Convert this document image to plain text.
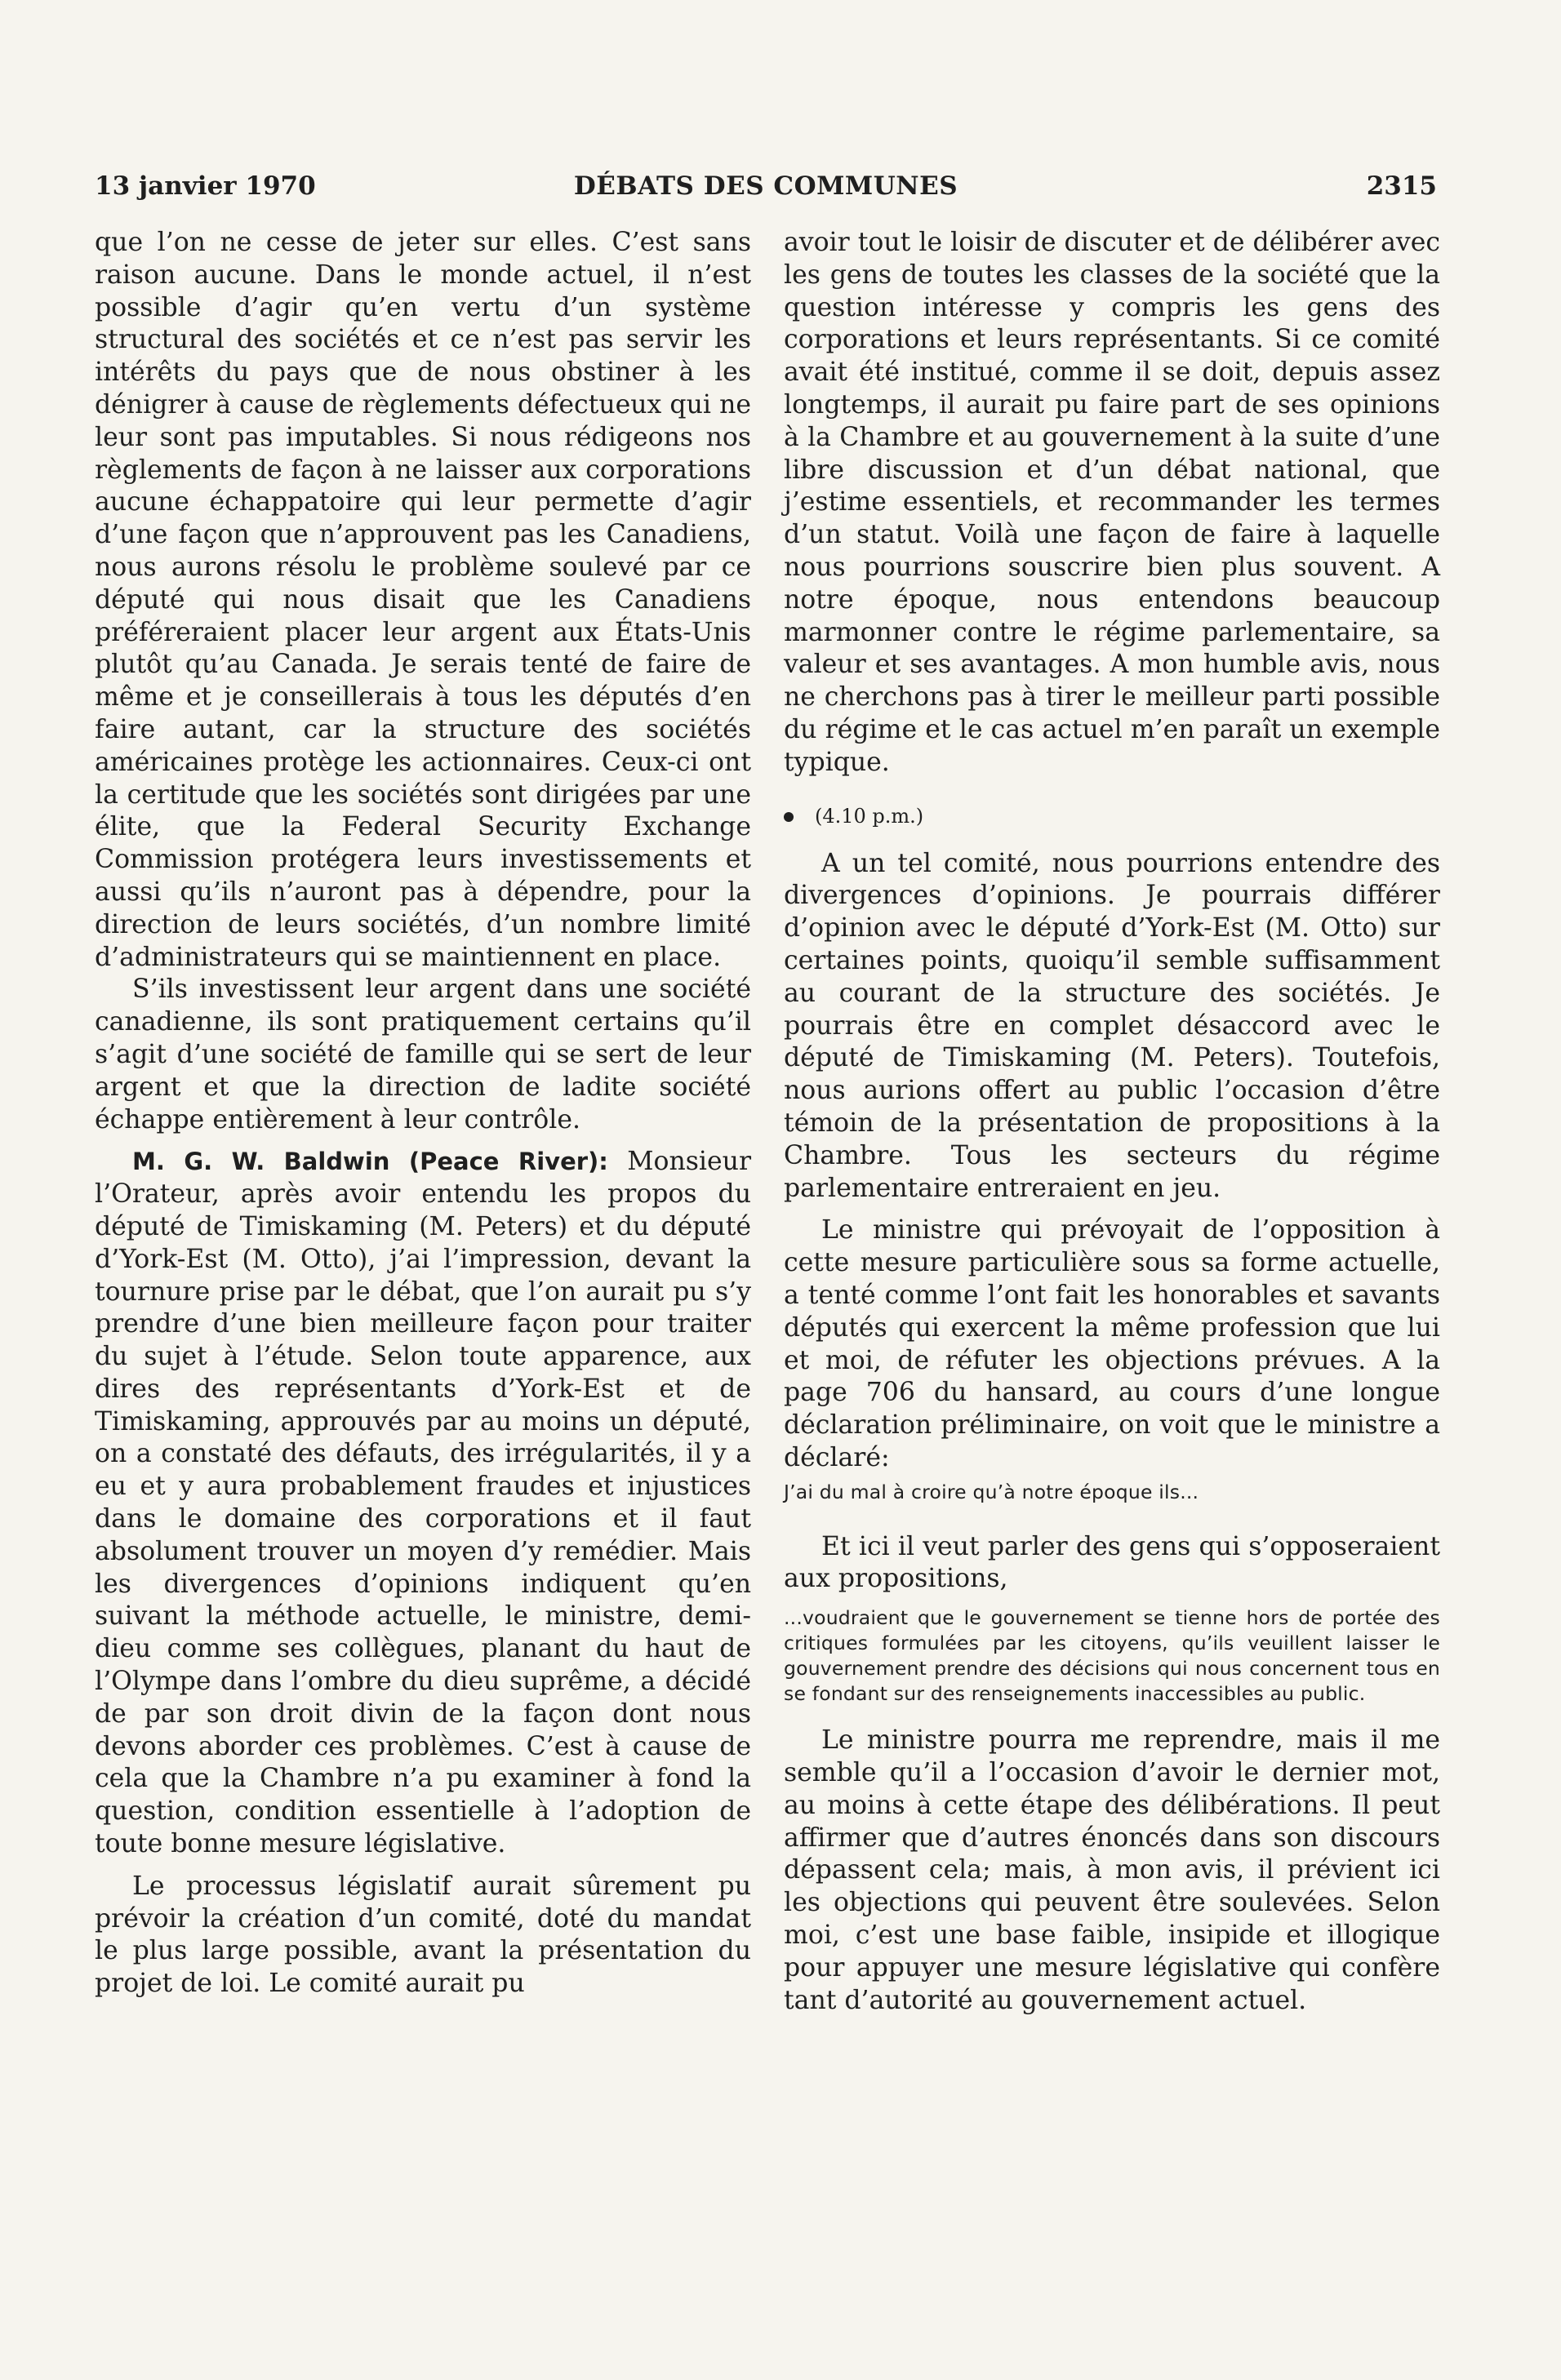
13 janvier 1970	DÉBATS DES COMMUNES	2315

que l’on ne cesse de jeter sur elles. C’est sans raison aucune. Dans le monde actuel, il n’est possible d’agir qu’en vertu d’un système structural des sociétés et ce n’est pas servir les intérêts du pays que de nous obstiner à les dénigrer à cause de règlements défectueux qui ne leur sont pas imputables. Si nous rédigeons nos règlements de façon à ne laisser aux corporations aucune échappatoire qui leur permette d’agir d’une façon que n’approuvent pas les Canadiens, nous aurons résolu le problème soulevé par ce député qui nous disait que les Canadiens préféreraient placer leur argent aux États-Unis plutôt qu’au Canada. Je serais tenté de faire de même et je conseillerais à tous les députés d’en faire autant, car la structure des sociétés américaines protège les actionnaires. Ceux-ci ont la certitude que les sociétés sont dirigées par une élite, que la Federal Security Exchange Commission protégera leurs investissements et aussi qu’ils n’auront pas à dépendre, pour la direction de leurs sociétés, d’un nombre limité d’administrateurs qui se maintiennent en place.

S’ils investissent leur argent dans une société canadienne, ils sont pratiquement certains qu’il s’agit d’une société de famille qui se sert de leur argent et que la direction de ladite société échappe entièrement à leur contrôle.

M. G. W. Baldwin (Peace River): Monsieur l’Orateur, après avoir entendu les propos du député de Timiskaming (M. Peters) et du député d’York-Est (M. Otto), j’ai l’impression, devant la tournure prise par le débat, que l’on aurait pu s’y prendre d’une bien meilleure façon pour traiter du sujet à l’étude. Selon toute apparence, aux dires des représentants d’York-Est et de Timiskaming, approuvés par au moins un député, on a constaté des défauts, des irrégularités, il y a eu et y aura probablement fraudes et injustices dans le domaine des corporations et il faut absolument trouver un moyen d’y remédier. Mais les divergences d’opinions indiquent qu’en suivant la méthode actuelle, le ministre, demi-dieu comme ses collègues, planant du haut de l’Olympe dans l’ombre du dieu suprême, a décidé de par son droit divin de la façon dont nous devons aborder ces problèmes. C’est à cause de cela que la Chambre n’a pu examiner à fond la question, condition essentielle à l’adoption de toute bonne mesure législative.

Le processus législatif aurait sûrement pu prévoir la création d’un comité, doté du mandat le plus large possible, avant la présentation du projet de loi. Le comité aurait pu

avoir tout le loisir de discuter et de délibérer avec les gens de toutes les classes de la société que la question intéresse y compris les gens des corporations et leurs représentants. Si ce comité avait été institué, comme il se doit, depuis assez longtemps, il aurait pu faire part de ses opinions à la Chambre et au gouvernement à la suite d’une libre discussion et d’un débat national, que j’estime essentiels, et recommander les termes d’un statut. Voilà une façon de faire à laquelle nous pourrions souscrire bien plus souvent. A notre époque, nous entendons beaucoup marmonner contre le régime parlementaire, sa valeur et ses avantages. A mon humble avis, nous ne cherchons pas à tirer le meilleur parti possible du régime et le cas actuel m’en paraît un exemple typique.

(4.10 p.m.)

A un tel comité, nous pourrions entendre des divergences d’opinions. Je pourrais différer d’opinion avec le député d’York-Est (M. Otto) sur certaines points, quoiqu’il semble suffisamment au courant de la structure des sociétés. Je pourrais être en complet désaccord avec le député de Timiskaming (M. Peters). Toutefois, nous aurions offert au public l’occasion d’être témoin de la présentation de propositions à la Chambre. Tous les secteurs du régime parlementaire entreraient en jeu.

Le ministre qui prévoyait de l’opposition à cette mesure particulière sous sa forme actuelle, a tenté comme l’ont fait les honorables et savants députés qui exercent la même profession que lui et moi, de réfuter les objections prévues. A la page 706 du hansard, au cours d’une longue déclaration préliminaire, on voit que le ministre a déclaré:

J’ai du mal à croire qu’à notre époque ils...

Et ici il veut parler des gens qui s’opposeraient aux propositions,

...voudraient que le gouvernement se tienne hors de portée des critiques formulées par les citoyens, qu’ils veuillent laisser le gouvernement prendre des décisions qui nous concernent tous en se fondant sur des renseignements inaccessibles au public.

Le ministre pourra me reprendre, mais il me semble qu’il a l’occasion d’avoir le dernier mot, au moins à cette étape des délibérations. Il peut affirmer que d’autres énoncés dans son discours dépassent cela; mais, à mon avis, il prévient ici les objections qui peuvent être soulevées. Selon moi, c’est une base faible, insipide et illogique pour appuyer une mesure législative qui confère tant d’autorité au gouvernement actuel.
